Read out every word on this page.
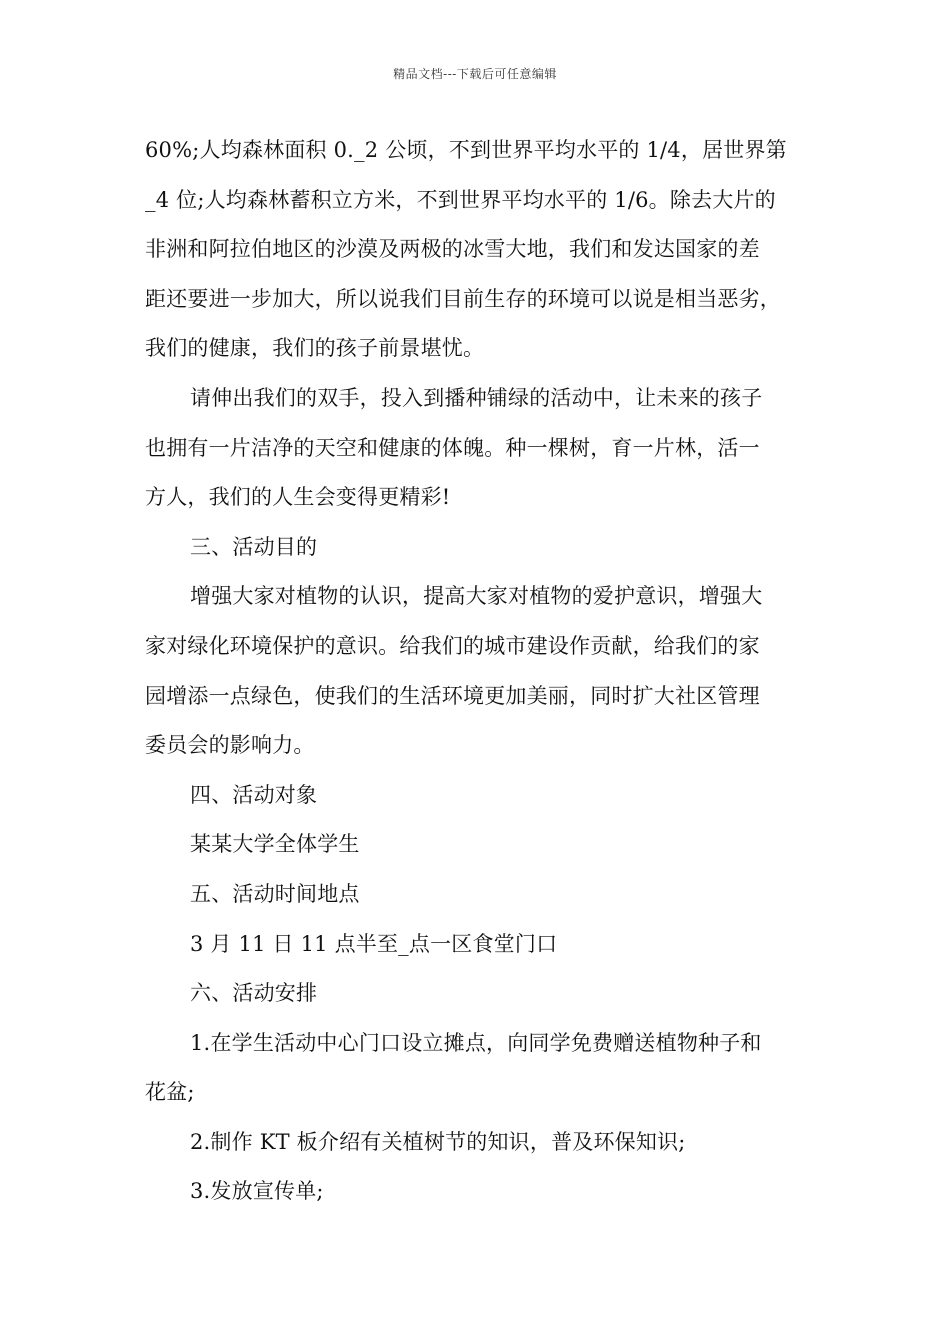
精品文档---下载后可任意编辑

60%;人均森林面积 0._2 公顷，不到世界平均水平的 1/4，居世界第

_4 位;人均森林蓄积立方米，不到世界平均水平的 1/6。除去大片的

非洲和阿拉伯地区的沙漠及两极的冰雪大地，我们和发达国家的差

距还要进一步加大，所以说我们目前生存的环境可以说是相当恶劣，

我们的健康，我们的孩子前景堪忧。

请伸出我们的双手，投入到播种铺绿的活动中，让未来的孩子

也拥有一片洁净的天空和健康的体魄。种一棵树，育一片林，活一

方人，我们的人生会变得更精彩!

三、活动目的

增强大家对植物的认识，提高大家对植物的爱护意识，增强大

家对绿化环境保护的意识。给我们的城市建设作贡献，给我们的家

园增添一点绿色，使我们的生活环境更加美丽，同时扩大社区管理

委员会的影响力。

四、活动对象

某某大学全体学生

五、活动时间地点

3 月 11 日 11 点半至_点一区食堂门口

六、活动安排

1.在学生活动中心门口设立摊点，向同学免费赠送植物种子和

花盆;

2.制作 KT 板介绍有关植树节的知识，普及环保知识;

3.发放宣传单;
